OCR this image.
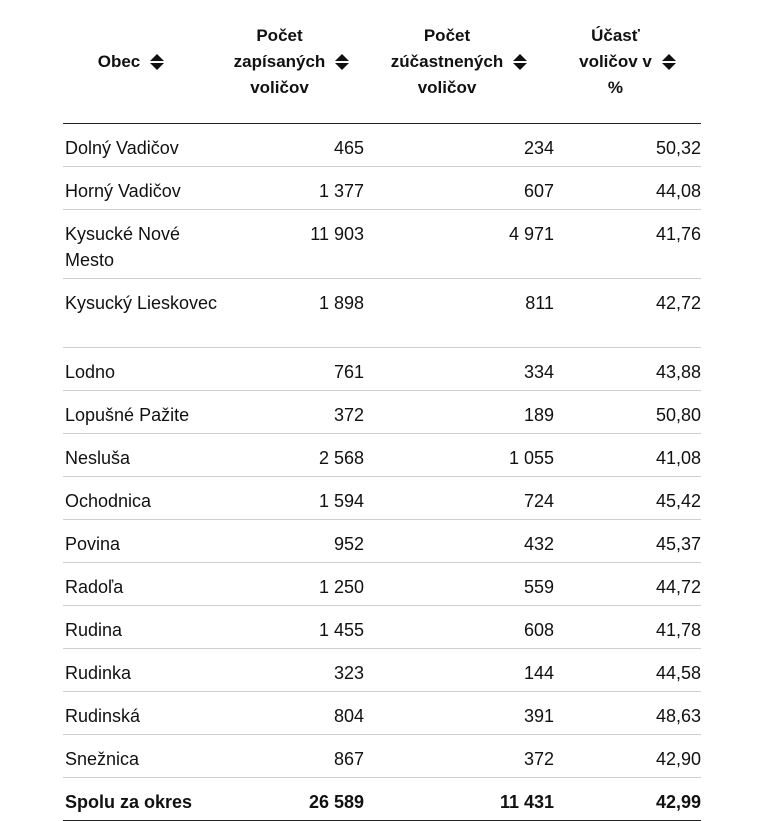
Obec	Počet
zapísaných
voličov	Počet
zúčastnených
voličov	Účasť
voličov v
%

Dolný Vadičov	465	234	50,32
Horný Vadičov	1 377	607	44,08
Kysucké Nové Mesto	11 903	4 971	41,76
Kysucký Lieskovec	1 898	811	42,72
Lodno	761	334	43,88
Lopušné Pažite	372	189	50,80
Nesluša	2 568	1 055	41,08
Ochodnica	1 594	724	45,42
Povina	952	432	45,37
Radoľa	1 250	559	44,72
Rudina	1 455	608	41,78
Rudinka	323	144	44,58
Rudinská	804	391	48,63
Snežnica	867	372	42,90
Spolu za okres	26 589	11 431	42,99
